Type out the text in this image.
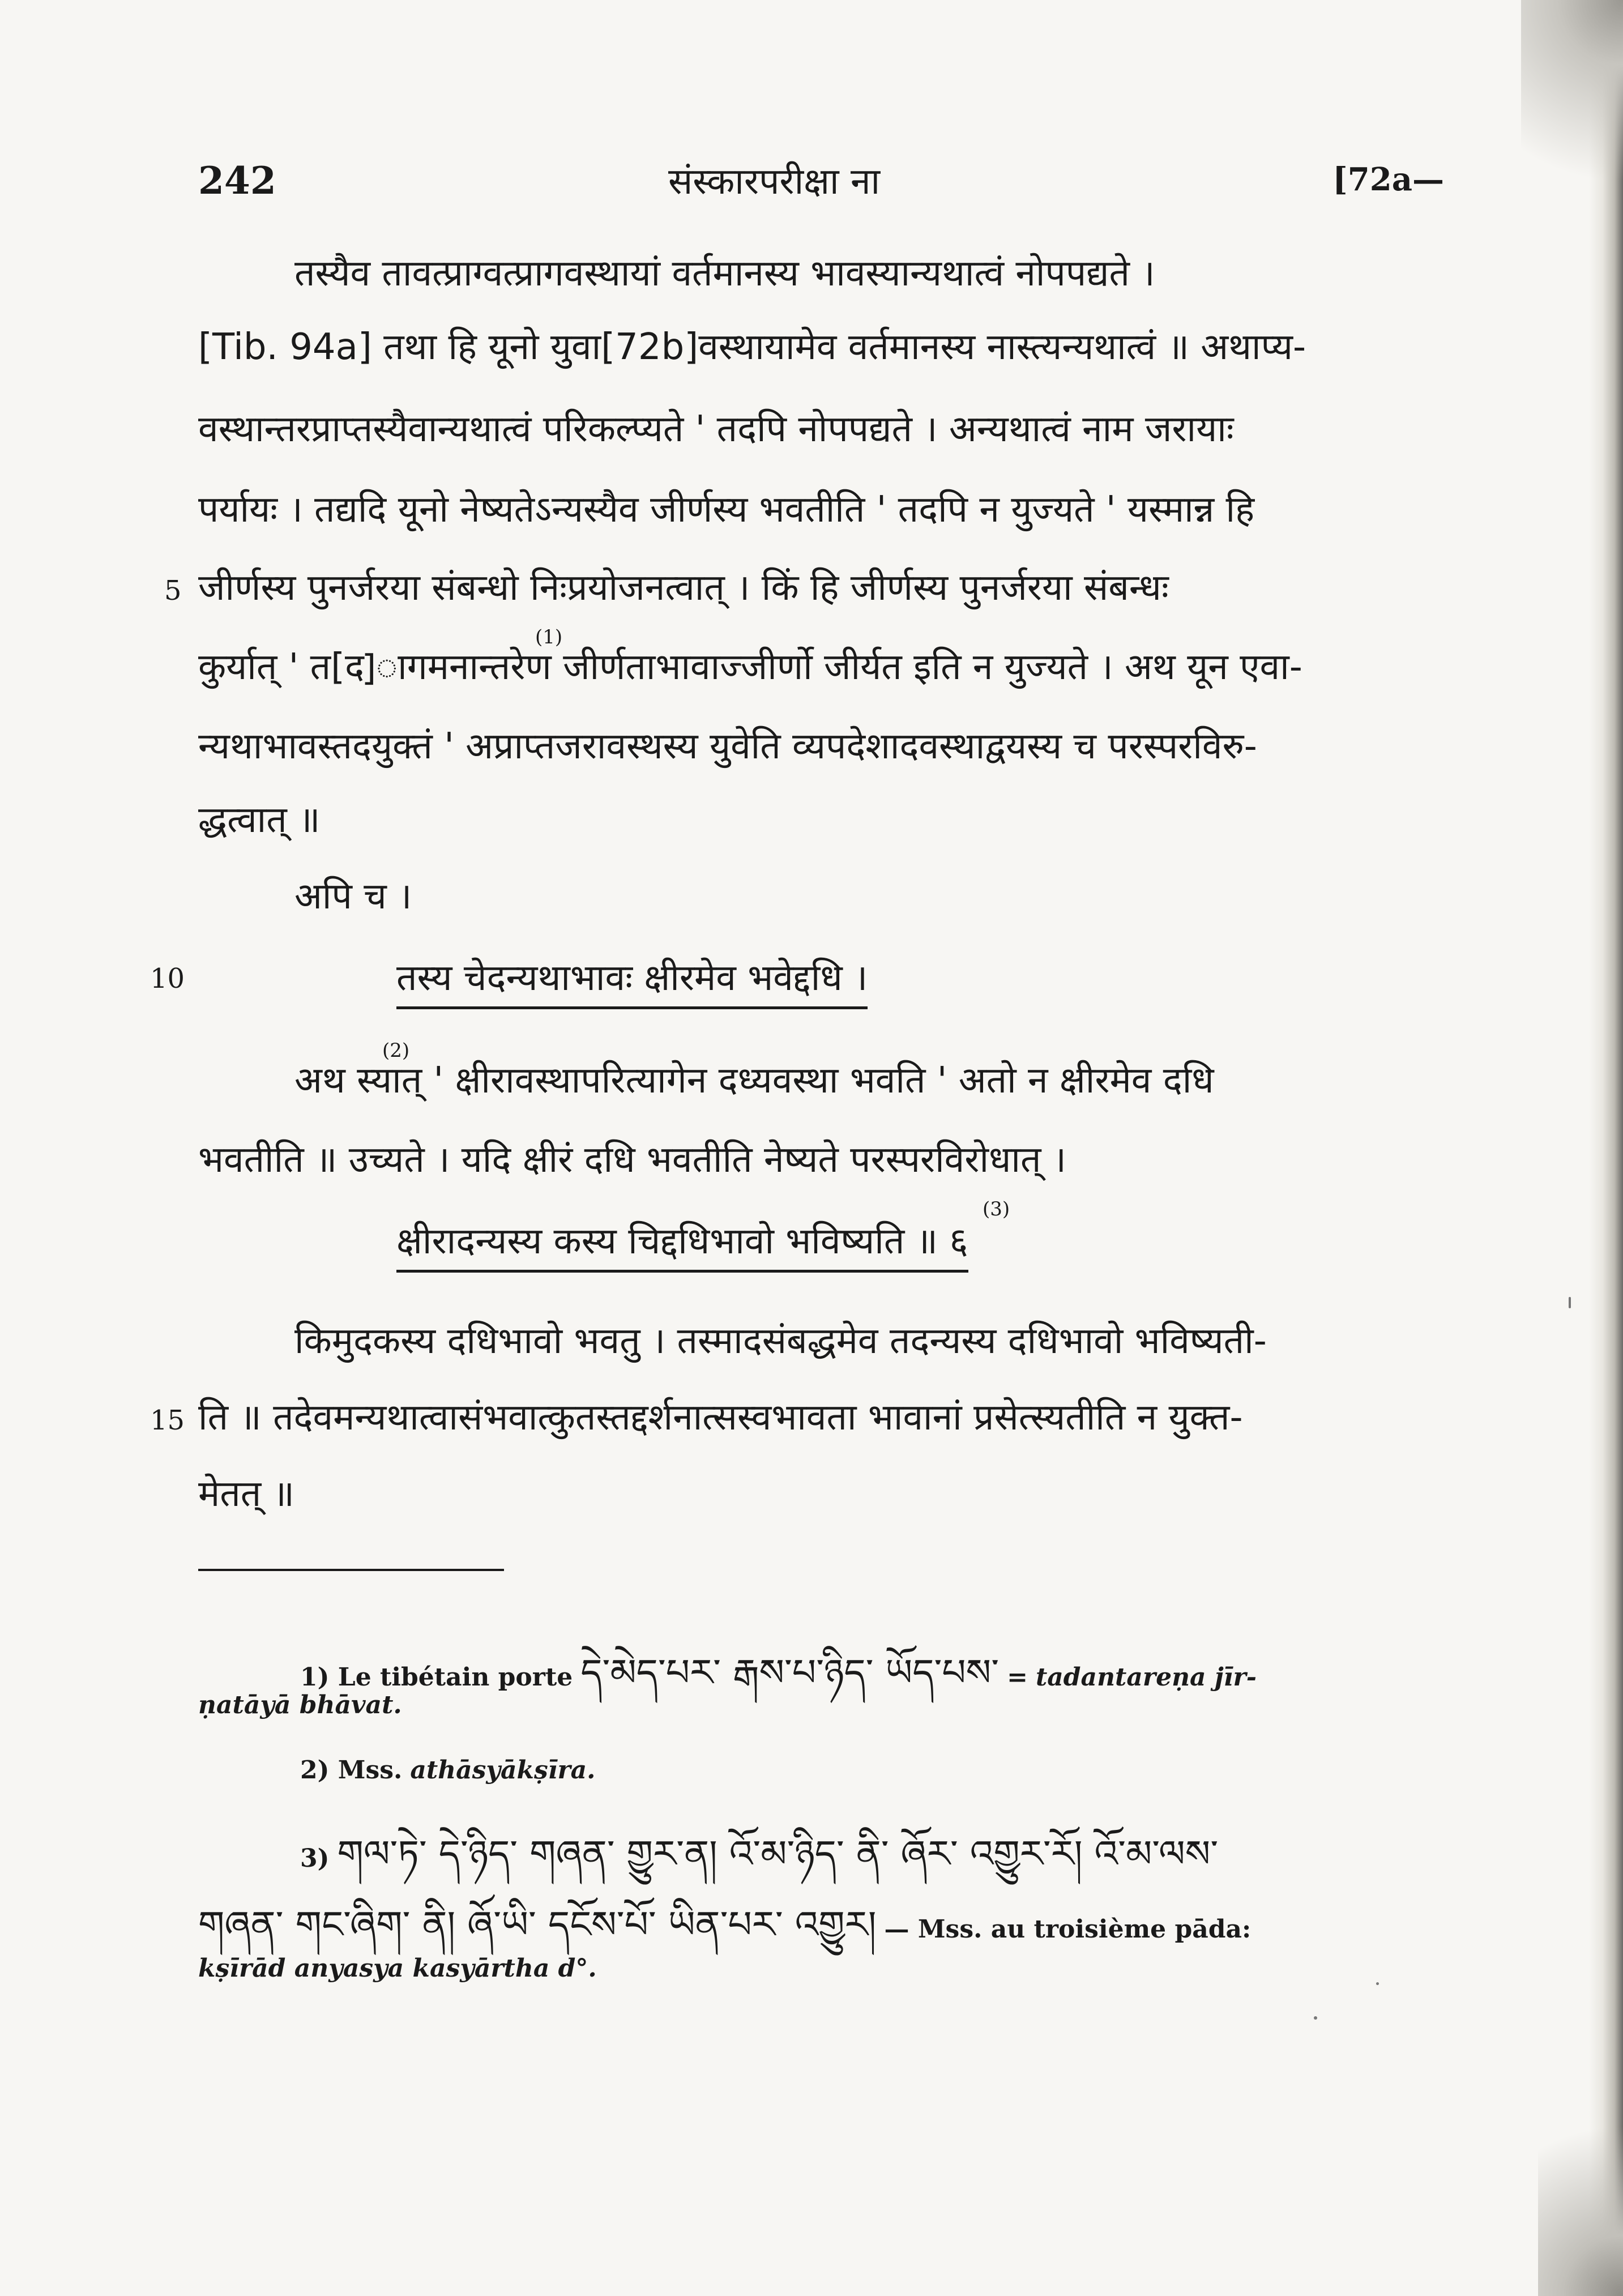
242	संस्कारपरीक्षा ना	[72a—
तस्यैव तावत्प्राग्वत्प्रागवस्थायां वर्तमानस्य भावस्यान्यथात्वं नोपपद्यते ।
[Tib. 94a] तथा हि यूनो युवा[72b]वस्थायामेव वर्तमानस्य नास्त्यन्यथात्वं ॥ अथाप्य-
वस्थान्तरप्राप्तस्यैवान्यथात्वं परिकल्प्यते ' तदपि नोपपद्यते । अन्यथात्वं नाम जरायाः
पर्यायः । तद्यदि यूनो नेष्यतेऽन्यस्यैव जीर्णस्य भवतीति ' तदपि न युज्यते ' यस्मान्न हि
5 जीर्णस्य पुनर्जरया संबन्धो निःप्रयोजनत्वात् । किं हि जीर्णस्य पुनर्जरया संबन्धः
(1)
कुर्यात् ' त[द]ागमनान्तरेण जीर्णताभावाज्जीर्णो जीर्यत इति न युज्यते । अथ यून एवा-
न्यथाभावस्तदयुक्तं ' अप्राप्तजरावस्थस्य युवेति व्यपदेशादवस्थाद्वयस्य च परस्परविरु-
द्धत्वात् ॥
अपि च ।
10	तस्य चेदन्यथाभावः क्षीरमेव भवेद्दधि ।
(2)
अथ स्यात् ' क्षीरावस्थापरित्यागेन दध्यवस्था भवति ' अतो न क्षीरमेव दधि
भवतीति ॥ उच्यते । यदि क्षीरं दधि भवतीति नेष्यते परस्परविरोधात् ।
क्षीरादन्यस्य कस्य चिद्दधिभावो भविष्यति ॥ ६
(3)
किमुदकस्य दधिभावो भवतु । तस्मादसंबद्धमेव तदन्यस्य दधिभावो भविष्यती-
15 ति ॥ तदेवमन्यथात्वासंभवात्कुतस्तद्दर्शनात्सस्वभावता भावानां प्रसेत्स्यतीति न युक्त-
मेतत् ॥
1) Le tibétain porte དེ་མེད་པར་ རྒས་པ་ཉིད་ ཡོད་པས་ = tadantareṇa jīr-
ṇatāyā bhāvat.
2) Mss. athāsyākṣīra.
3) གལ་ཏེ་ དེ་ཉིད་ གཞན་ གྱུར་ན། འོ་མ་ཉིད་ ནི་ ཞོར་ འགྱུར་རོ། འོ་མ་ལས་
གཞན་ གང་ཞིག་ ནི། ཞོ་ཡི་ དངོས་པོ་ ཡིན་པར་ འགྱུར། — Mss. au troisième pāda:
kṣīrād anyasya kasyārtha d°.
